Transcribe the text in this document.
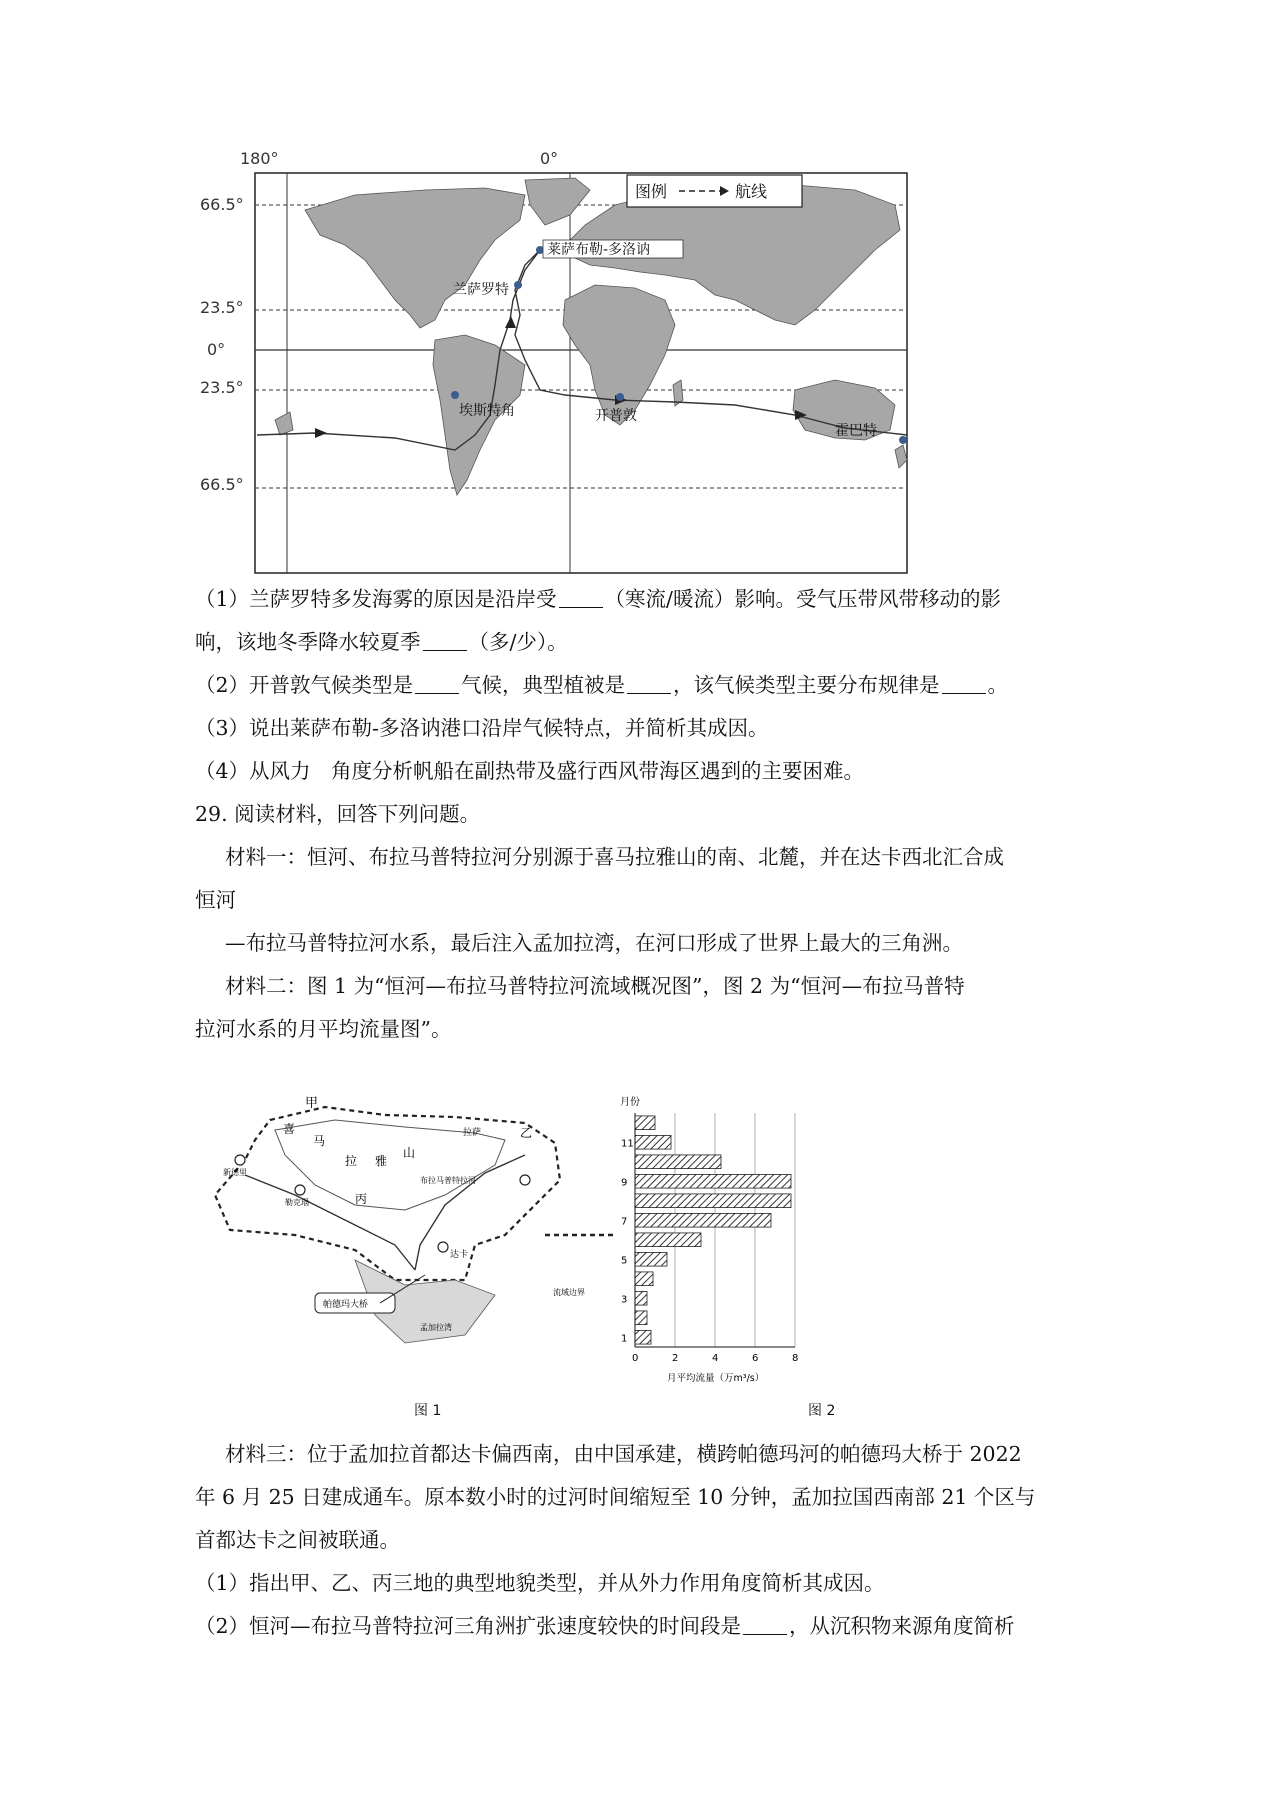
180°	0°
66.5°
23.5°
0°
23.5°
66.5°
莱萨布勒-多洛讷
兰萨罗特
埃斯特角	开普敦
霍巴特
图例	航线
（1）兰萨罗特多发海雾的原因是沿岸受 （寒流/暖流）影响。受气压带风带移动的影
响，该地冬季降水较夏季 （多/少）。
（2）开普敦气候类型是 气候，典型植被是 ，该气候类型主要分布规律是 。
（3）说出莱萨布勒-多洛讷港口沿岸气候特点，并简析其成因。
（4）从风力　角度分析帆船在副热带及盛行西风带海区遇到的主要困难。
29. 阅读材料，回答下列问题。
材料一：恒河、布拉马普特拉河分别源于喜马拉雅山的南、北麓，并在达卡西北汇合成
恒河
—布拉马普特拉河水系，最后注入孟加拉湾，在河口形成了世界上最大的三角洲。
材料二：图 1 为“恒河—布拉马普特拉河流域概况图”，图 2 为“恒河—布拉马普特
拉河水系的月平均流量图”。
甲
喜
马
拉 雅
山
丙
乙
拉萨
新德里
勒克瑙
布拉马普特拉河
达卡
孟加拉湾
帕德玛大桥
流域边界
月份
1
3
5
7
9
11
0	2	4	6	8
月平均流量（万m³/s）
图 1	图 2
材料三：位于孟加拉首都达卡偏西南，由中国承建，横跨帕德玛河的帕德玛大桥于 2022
年 6 月 25 日建成通车。原本数小时的过河时间缩短至 10 分钟，孟加拉国西南部 21 个区与
首都达卡之间被联通。
（1）指出甲、乙、丙三地的典型地貌类型，并从外力作用角度简析其成因。
（2）恒河—布拉马普特拉河三角洲扩张速度较快的时间段是 ，从沉积物来源角度简析
